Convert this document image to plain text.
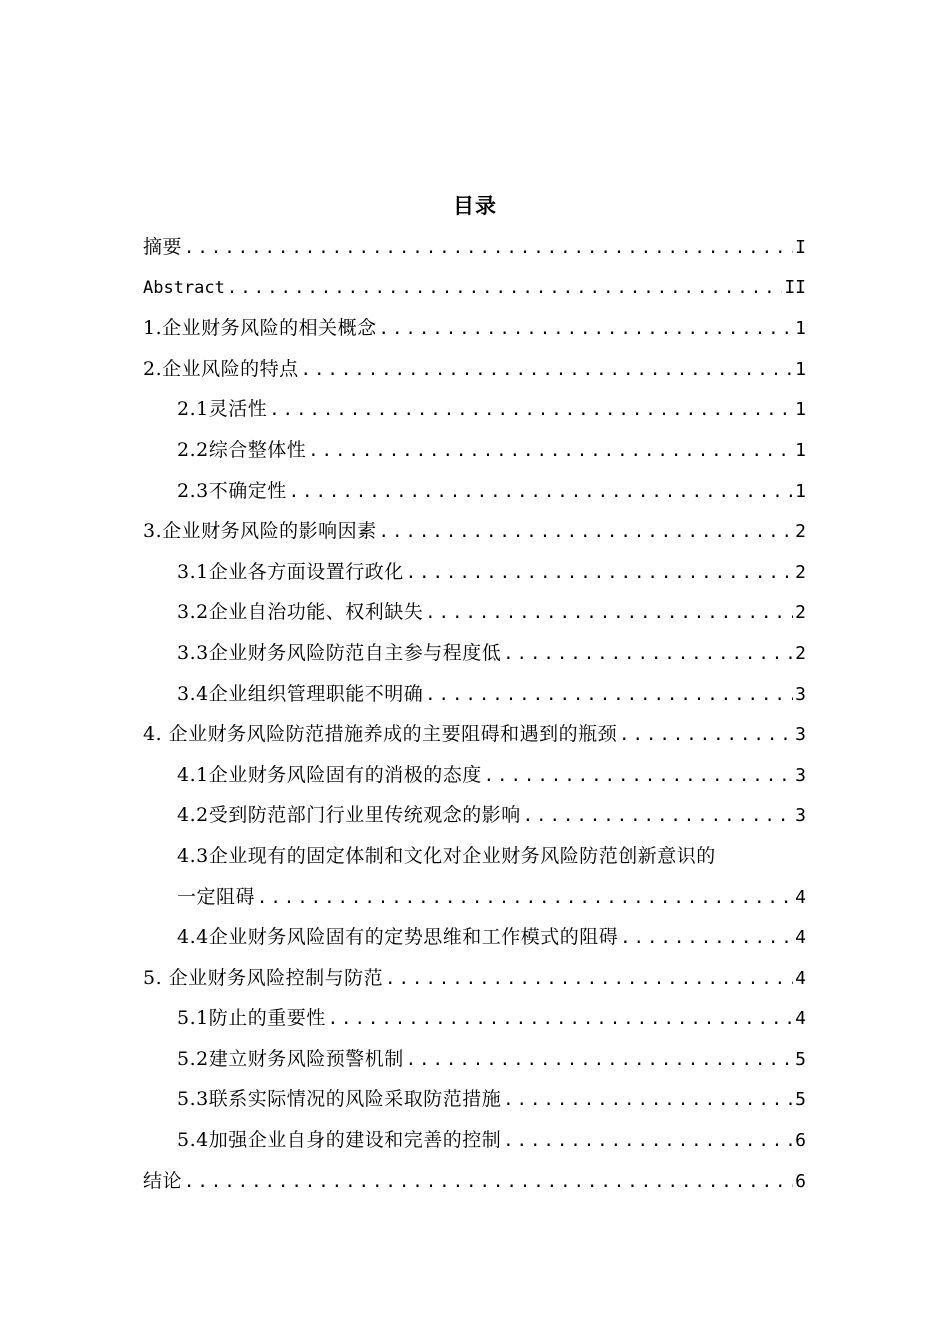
目录
摘要 .....	I
Abstract .....	II
1.企业财务风险的相关概念 .....	1
2.企业风险的特点 .....	1
2.1灵活性 .....	1
2.2综合整体性 .....	1
2.3不确定性 .....	1
3.企业财务风险的影响因素 .....	2
3.1企业各方面设置行政化 .....	2
3.2企业自治功能、权利缺失 .....	2
3.3企业财务风险防范自主参与程度低 .....	2
3.4企业组织管理职能不明确 .....	3
4. 企业财务风险防范措施养成的主要阻碍和遇到的瓶颈 .....	3
4.1企业财务风险固有的消极的态度 .....	3
4.2受到防范部门行业里传统观念的影响 .....	3
4.3企业现有的固定体制和文化对企业财务风险防范创新意识的
一定阻碍 .....	4
4.4企业财务风险固有的定势思维和工作模式的阻碍 .....	4
5. 企业财务风险控制与防范 .....	4
5.1防止的重要性 .....	4
5.2建立财务风险预警机制 .....	5
5.3联系实际情况的风险采取防范措施 .....	5
5.4加强企业自身的建设和完善的控制 .....	6
结论 .....	6
